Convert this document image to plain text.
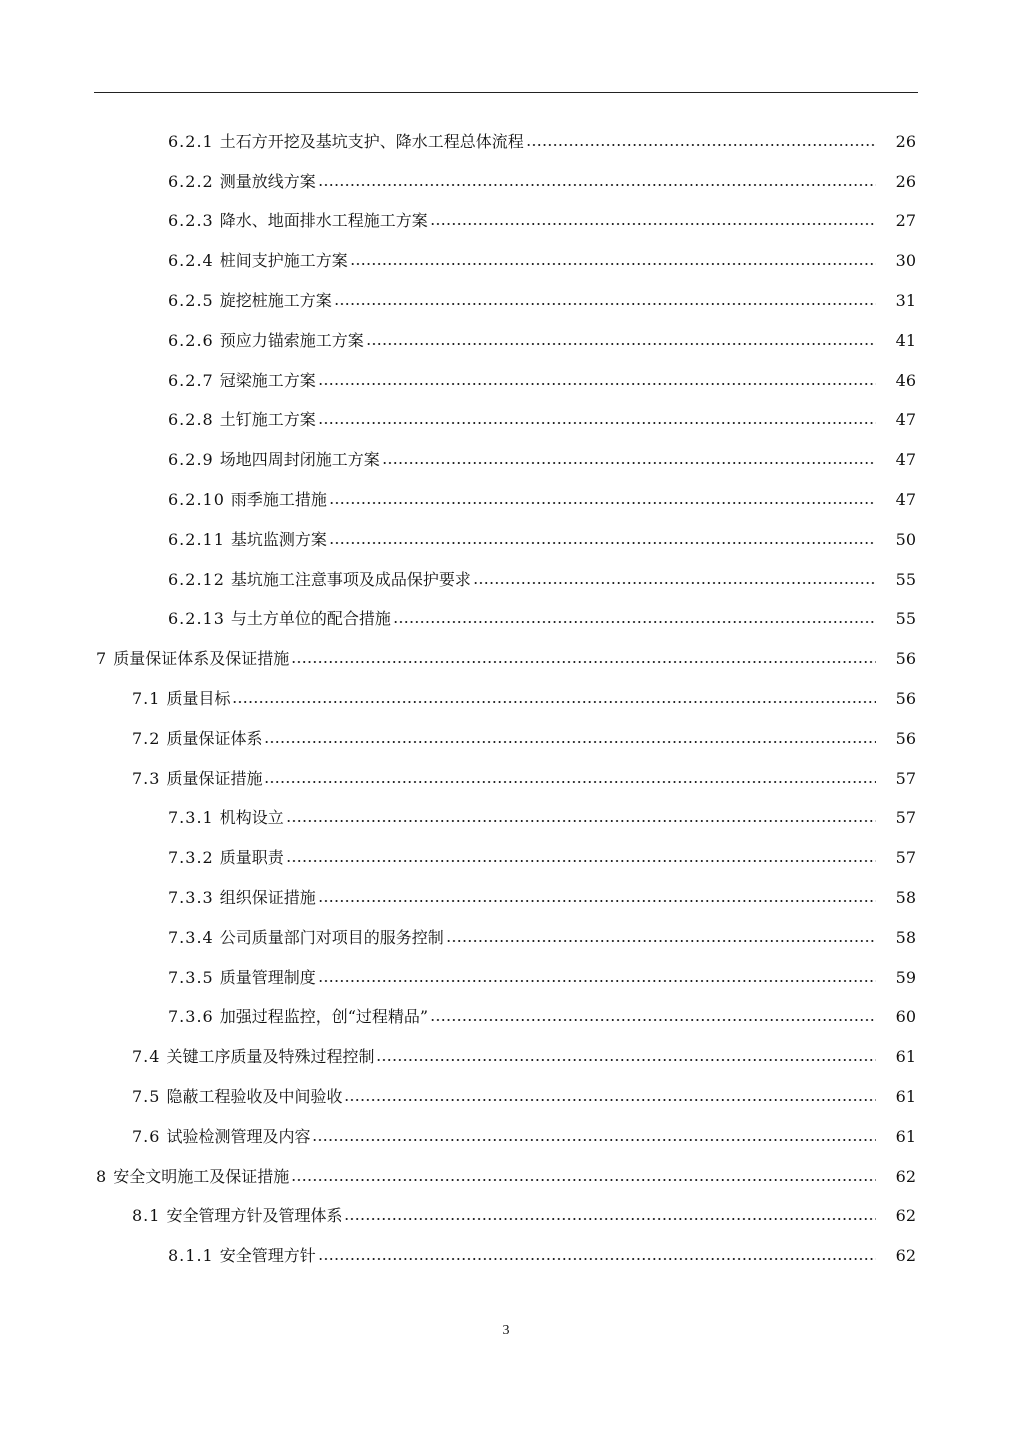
6.2.1 土石方开挖及基坑支护、降水工程总体流程	26
6.2.2 测量放线方案	26
6.2.3 降水、地面排水工程施工方案	27
6.2.4 桩间支护施工方案	30
6.2.5 旋挖桩施工方案	31
6.2.6 预应力锚索施工方案	41
6.2.7 冠梁施工方案	46
6.2.8 土钉施工方案	47
6.2.9 场地四周封闭施工方案	47
6.2.10 雨季施工措施	47
6.2.11 基坑监测方案	50
6.2.12 基坑施工注意事项及成品保护要求	55
6.2.13 与土方单位的配合措施	55
7 质量保证体系及保证措施	56
7.1 质量目标	56
7.2 质量保证体系	56
7.3 质量保证措施	57
7.3.1 机构设立	57
7.3.2 质量职责	57
7.3.3 组织保证措施	58
7.3.4 公司质量部门对项目的服务控制	58
7.3.5 质量管理制度	59
7.3.6 加强过程监控，创“过程精品”	60
7.4 关键工序质量及特殊过程控制	61
7.5 隐蔽工程验收及中间验收	61
7.6 试验检测管理及内容	61
8 安全文明施工及保证措施	62
8.1 安全管理方针及管理体系	62
8.1.1 安全管理方针	62
3
